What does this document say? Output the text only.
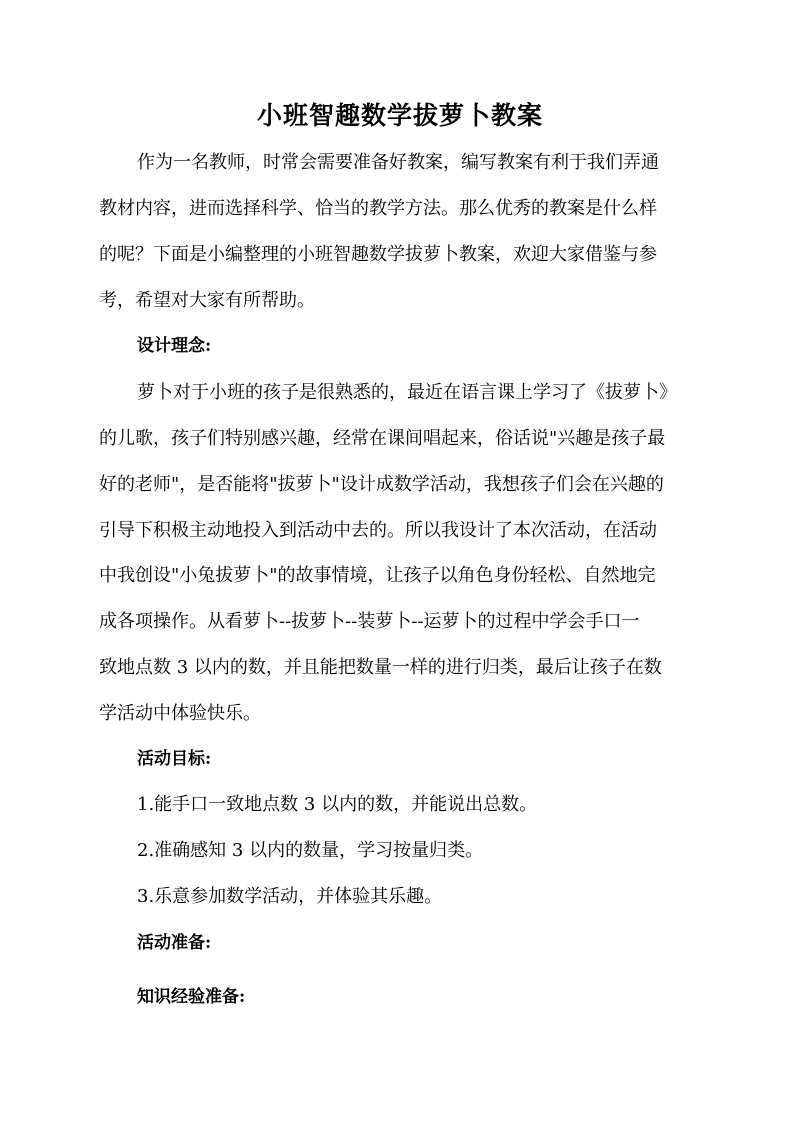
小班智趣数学拔萝卜教案

作为一名教师，时常会需要准备好教案，编写教案有利于我们弄通

教材内容，进而选择科学、恰当的教学方法。那么优秀的教案是什么样

的呢？下面是小编整理的小班智趣数学拔萝卜教案，欢迎大家借鉴与参

考，希望对大家有所帮助。

设计理念:

萝卜对于小班的孩子是很熟悉的，最近在语言课上学习了《拔萝卜》

的儿歌，孩子们特别感兴趣，经常在课间唱起来，俗话说"兴趣是孩子最

好的老师"，是否能将"拔萝卜"设计成数学活动，我想孩子们会在兴趣的

引导下积极主动地投入到活动中去的。所以我设计了本次活动，在活动

中我创设"小兔拔萝卜"的故事情境，让孩子以角色身份轻松、自然地完

成各项操作。从看萝卜--拔萝卜--装萝卜--运萝卜的过程中学会手口一

致地点数 3 以内的数，并且能把数量一样的进行归类，最后让孩子在数

学活动中体验快乐。

活动目标:

1.能手口一致地点数 3 以内的数，并能说出总数。

2.准确感知 3 以内的数量，学习按量归类。

3.乐意参加数学活动，并体验其乐趣。

活动准备:
知识经验准备:
